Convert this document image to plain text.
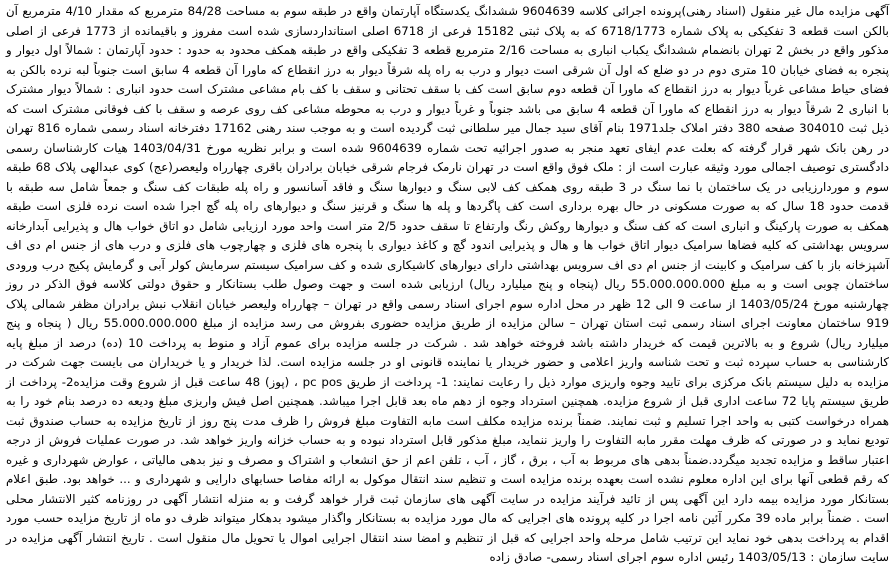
آگهی مزایده مال غیر منقول (اسناد رهنی)پرونده اجرائی کلاسه 9604639 ششدانگ یکدستگاه آپارتمان واقع در طبقه سوم به مساحت 84/28 مترمربع که مقدار 4/10 مترمربع آن بالکن است قطعه 3 تفکیکی به پلاک شماره 6718/1773 که به پلاک ثبتی 15182 فرعی از 6718 اصلی استانداردسازی شده است مفروز و باقیمانده از 1773 فرعی از اصلی مذکور واقع در بخش 2 تهران بانضمام ششدانگ یکباب انباری به مساحت 2/16 مترمربع قطعه 3 تفکیکی واقع در طبقه همکف محدود به حدود : حدود آپارتمان : شمالاً اول دیوار و پنجره به فضای خیابان 10 متری دوم در دو ضلع که اول آن شرقی است دیوار و درب به راه پله شرقاً دیوار به درز انقطاع که ماورا آن قطعه 4 سابق است جنوباً لبه نرده بالکن به فضای حیاط مشاعی غرباً دیوار به درز انقطاع که ماورا آن قطعه دوم سابق است کف با سقف تحتانی و سقف با کف بام مشاعی مشترک است حدود انباری : شمالاً دیوار مشترک با انباری 2 شرقاً دیوار به درز انقطاع که ماورا آن قطعه 4 سابق می باشد جنوباً و غرباً دیوار و درب به محوطه مشاعی کف روی عرصه و سقف با کف فوقانی مشترک است که ذیل ثبت 304010 صفحه 380 دفتر املاک جلد1971 بنام آقای سید جمال میر سلطانی ثبت گردیده است و به موجب سند رهنی 17162 دفترخانه اسناد رسمی شماره 816 تهران در رهن بانک شهر قرار گرفته که بعلت عدم ایفای تعهد منجر به صدور اجرائیه تحت شماره 9604639 شده است و برابر نظریه مورخ 1403/04/31 هیات کارشناسان رسمی دادگستری توصیف اجمالی مورد وثیقه عبارت است از : ملک فوق واقع است در تهران نارمک فرجام شرقی خیابان برادران باقری چهارراه ولیعصر(عج) کوی عبدالهی پلاک 68 طبقه سوم و موردارزیابی در یک ساختمان با نما سنگ در 3 طبقه روی همکف کف لابی سنگ و دیوارها سنگ و فاقد آسانسور و راه پله طبقات کف سنگ و جمعاً شامل سه طبقه با قدمت حدود 18 سال که به صورت مسکونی در حال بهره برداری است کف پاگردها و پله ها سنگ و قرنیز سنگ و دیوارهای راه پله گچ اجرا شده است نرده فلزی است طبقه همکف به صورت پارکینگ و انباری است که کف سنگ و دیوارها روکش رنگ وارتفاع تا سقف حدود 2/5 متر است واحد مورد ارزیابی شامل دو اتاق خواب هال و پذیرایی آبدارخانه سرویس بهداشتی که کلیه فضاها سرامیک دیوار اتاق خواب ها و هال و پذیرایی اندود گچ و کاغذ دیواری با پنجره های فلزی و چهارچوب های فلزی و درب های از جنس ام دی اف آشپزخانه باز با کف سرامیک و کابینت از جنس ام دی اف سرویس بهداشتی دارای دیوارهای کاشیکاری شده و کف سرامیک سیستم سرمایش کولر آبی و گرمایش پکیج درب ورودی ساختمان چوبی است و به مبلغ 55.000.000.000 ریال (پنجاه و پنج میلیارد ریال) ارزیابی شده است و جهت وصول طلب بستانکار و حقوق دولتی کلاسه فوق الذکر در روز چهارشنبه مورخ 1403/05/24 از ساعت 9 الی 12 ظهر در محل اداره سوم اجرای اسناد رسمی واقع در تهران – چهارراه ولیعصر خیابان انقلاب نبش برادران مظفر شمالی پلاک 919 ساختمان معاونت اجرای اسناد رسمی ثبت استان تهران – سالن مزایده از طریق مزایده حضوری بفروش می رسد مزایده از مبلغ 55.000.000.000 ریال ( پنجاه و پنج میلیارد ریال) شروع و به بالاترین قیمت که خریدار داشته باشد فروخته خواهد شد . شرکت در جلسه مزایده برای عموم آزاد و منوط به پرداخت 10 (ده) درصد از مبلغ پایه کارشناسی به حساب سپرده ثبت و تحت شناسه واریز اعلامی و حضور خریدار یا نماینده قانونی او در جلسه مزایده است. لذا خریدار و یا خریداران می بایست جهت شرکت در مزایده به دلیل سیستم بانک مرکزی برای تایید وجوه واریزی موارد ذیل را رعایت نمایند: 1- پرداخت از طریق pc pos ، (پوز) 48 ساعت قبل از شروع وقت مزایده2- پرداخت از طریق سیستم پایا 72 ساعت اداری قبل از شروع مزایده. همچنین استرداد وجوه از دهم ماه بعد قابل اجرا میباشد. همچنین اصل فیش واریزی مبلغ ودیعه ده درصد بنام خود را به همراه درخواست کتبی به واحد اجرا تسلیم و ثبت نمایند. ضمناً برنده مزایده مکلف است مابه التفاوت مبلغ فروش را ظرف مدت پنج روز از تاریخ مزایده به حساب صندوق ثبت تودیع نماید و در صورتی که ظرف مهلت مقرر مابه التفاوت را واریز ننماید، مبلغ مذکور قابل استرداد نبوده و به حساب خزانه واریز خواهد شد. در صورت عملیات فروش از درجه اعتبار ساقط و مزایده تجدید میگردد.ضمناً بدهی های مربوط به آب ، برق ، گاز ، آب ، تلفن اعم از حق انشعاب و اشتراک و مصرف و نیز بدهی مالیاتی ، عوارض شهرداری و غیره که رقم قطعی آنها برای این اداره معلوم نشده است بعهده برنده مزایده است و تنظیم سند انتقال موکول به ارائه مفاصا حسابهای دارایی و شهرداری و ... خواهد بود. طبق اعلام بستانکار مورد مزایده بیمه دارد این آگهی پس از تائید فرآیند مزایده در سایت آگهی های سازمان ثبت قرار خواهد گرفت و به منزله انتشار آگهی در روزنامه کثیر الانتشار محلی است . ضمناً برابر ماده 39 مکرر آئین نامه اجرا در کلیه پرونده های اجرایی که مال مورد مزایده به بستانکار واگذار میشود بدهکار میتواند ظرف دو ماه از تاریخ مزایده حسب مورد اقدام به پرداخت بدهی خود نماید این ترتیب شامل مرحله واحد اجرایی که قبل از تنظیم و امضا سند انتقال اجرایی اموال یا تحویل مال منقول است . تاریخ انتشار آگهی مزایده در سایت سازمان : 1403/05/13 رئیس اداره سوم اجرای اسناد رسمی- صادق زاده
